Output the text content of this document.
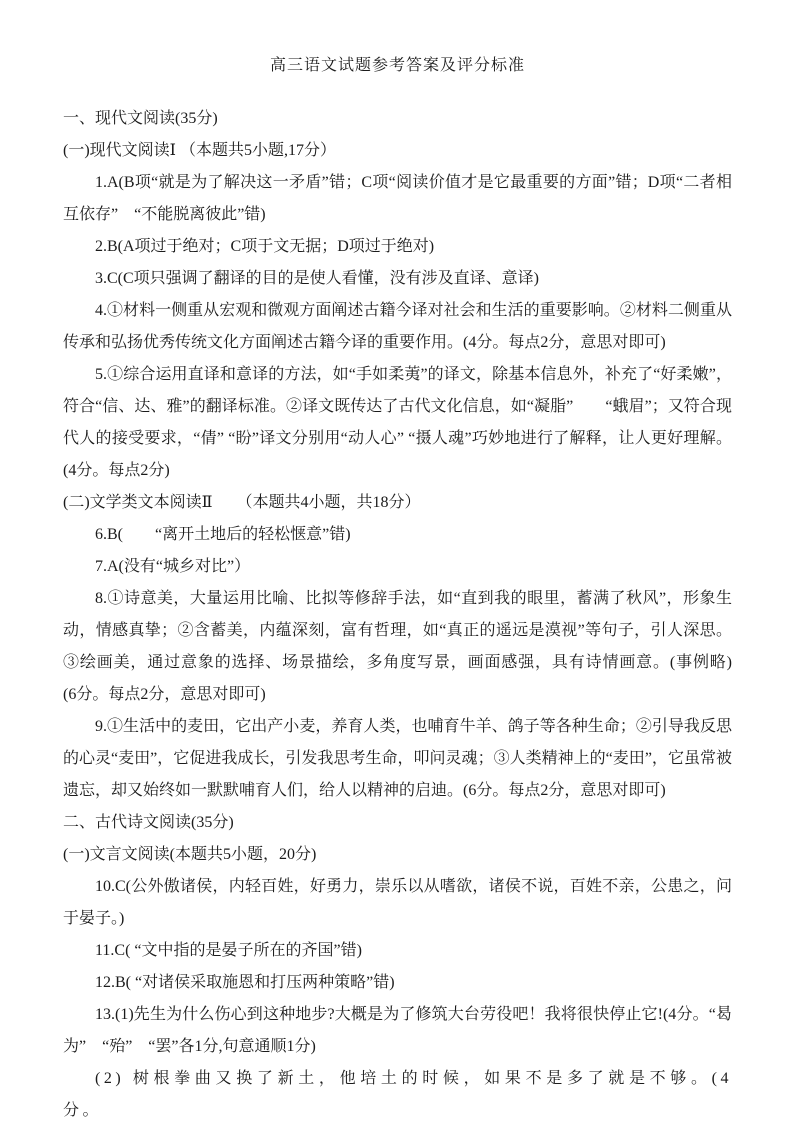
高三语文试题参考答案及评分标准

一、现代文阅读(35分)

(一)现代文阅读Ⅰ （本题共5小题,17分）

1.A(B项“就是为了解决这一矛盾”错；C项“阅读价值才是它最重要的方面”错；D项“二者相互依存”　“不能脱离彼此”错)

2.B(A项过于绝对；C项于文无据；D项过于绝对)

3.C(C项只强调了翻译的目的是使人看懂，没有涉及直译、意译)

4.①材料一侧重从宏观和微观方面阐述古籍今译对社会和生活的重要影响。②材料二侧重从传承和弘扬优秀传统文化方面阐述古籍今译的重要作用。(4分。每点2分，意思对即可)

5.①综合运用直译和意译的方法，如“手如柔荑”的译文，除基本信息外，补充了“好柔嫩”，符合“信、达、雅”的翻译标准。②译文既传达了古代文化信息，如“凝脂”　　“蛾眉”；又符合现代人的接受要求，“倩” “盼”译文分别用“动人心” “摄人魂”巧妙地进行了解释，让人更好理解。(4分。每点2分)

(二)文学类文本阅读Ⅱ　　（本题共4小题，共18分）

6.B(　　“离开土地后的轻松惬意”错)

7.A(没有“城乡对比”）

8.①诗意美，大量运用比喻、比拟等修辞手法，如“直到我的眼里，蓄满了秋风”，形象生动，情感真挚；②含蓄美，内蕴深刻，富有哲理，如“真正的遥远是漠视”等句子，引人深思。③绘画美，通过意象的选择、场景描绘，多角度写景，画面感强，具有诗情画意。(事例略)　　(6分。每点2分，意思对即可)

9.①生活中的麦田，它出产小麦，养育人类，也哺育牛羊、鸽子等各种生命；②引导我反思的心灵“麦田”，它促进我成长，引发我思考生命，叩问灵魂；③人类精神上的“麦田”，它虽常被遗忘，却又始终如一默默哺育人们，给人以精神的启迪。(6分。每点2分，意思对即可)

二、古代诗文阅读(35分)

(一)文言文阅读(本题共5小题，20分)

10.C(公外傲诸侯，内轻百姓，好勇力，崇乐以从嗜欲，诸侯不说，百姓不亲，公患之，问于晏子。)

11.C( “文中指的是晏子所在的齐国”错)

12.B( “对诸侯采取施恩和打压两种策略”错)

13.(1)先生为什么伤心到这种地步?大概是为了修筑大台劳役吧！我将很快停止它!(4分。“曷为”　“殆”　“罢”各1分,句意通顺1分)

(2) 树根拳曲又换了新土，他培土的时候，如果不是多了就是不够。(4分。
